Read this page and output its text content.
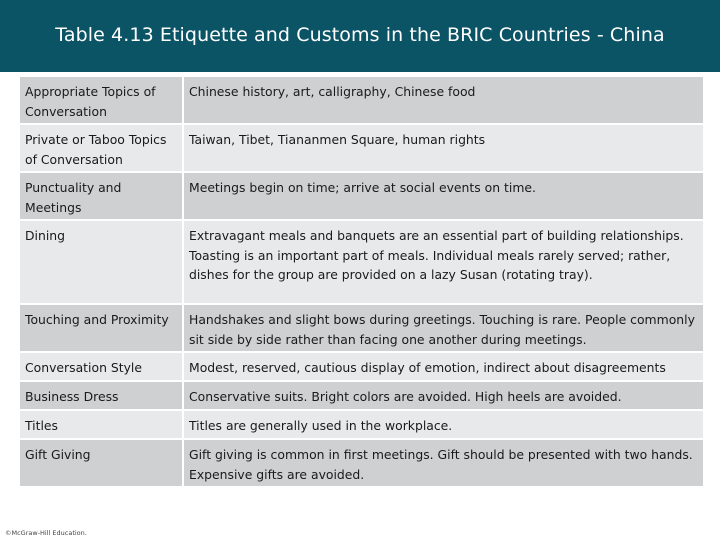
Table 4.13 Etiquette and Customs in the BRIC Countries - China
Appropriate Topics of Conversation	Chinese history, art, calligraphy, Chinese food
Private or Taboo Topics of Conversation	Taiwan, Tibet, Tiananmen Square, human rights
Punctuality and Meetings	Meetings begin on time; arrive at social events on time.
Dining	Extravagant meals and banquets are an essential part of building relationships. Toasting is an important part of meals. Individual meals rarely served; rather, dishes for the group are provided on a lazy Susan (rotating tray).
Touching and Proximity	Handshakes and slight bows during greetings. Touching is rare. People commonly sit side by side rather than facing one another during meetings.
Conversation Style	Modest, reserved, cautious display of emotion, indirect about disagreements
Business Dress	Conservative suits. Bright colors are avoided. High heels are avoided.
Titles	Titles are generally used in the workplace.
Gift Giving	Gift giving is common in first meetings. Gift should be presented with two hands. Expensive gifts are avoided.
©McGraw-Hill Education.
